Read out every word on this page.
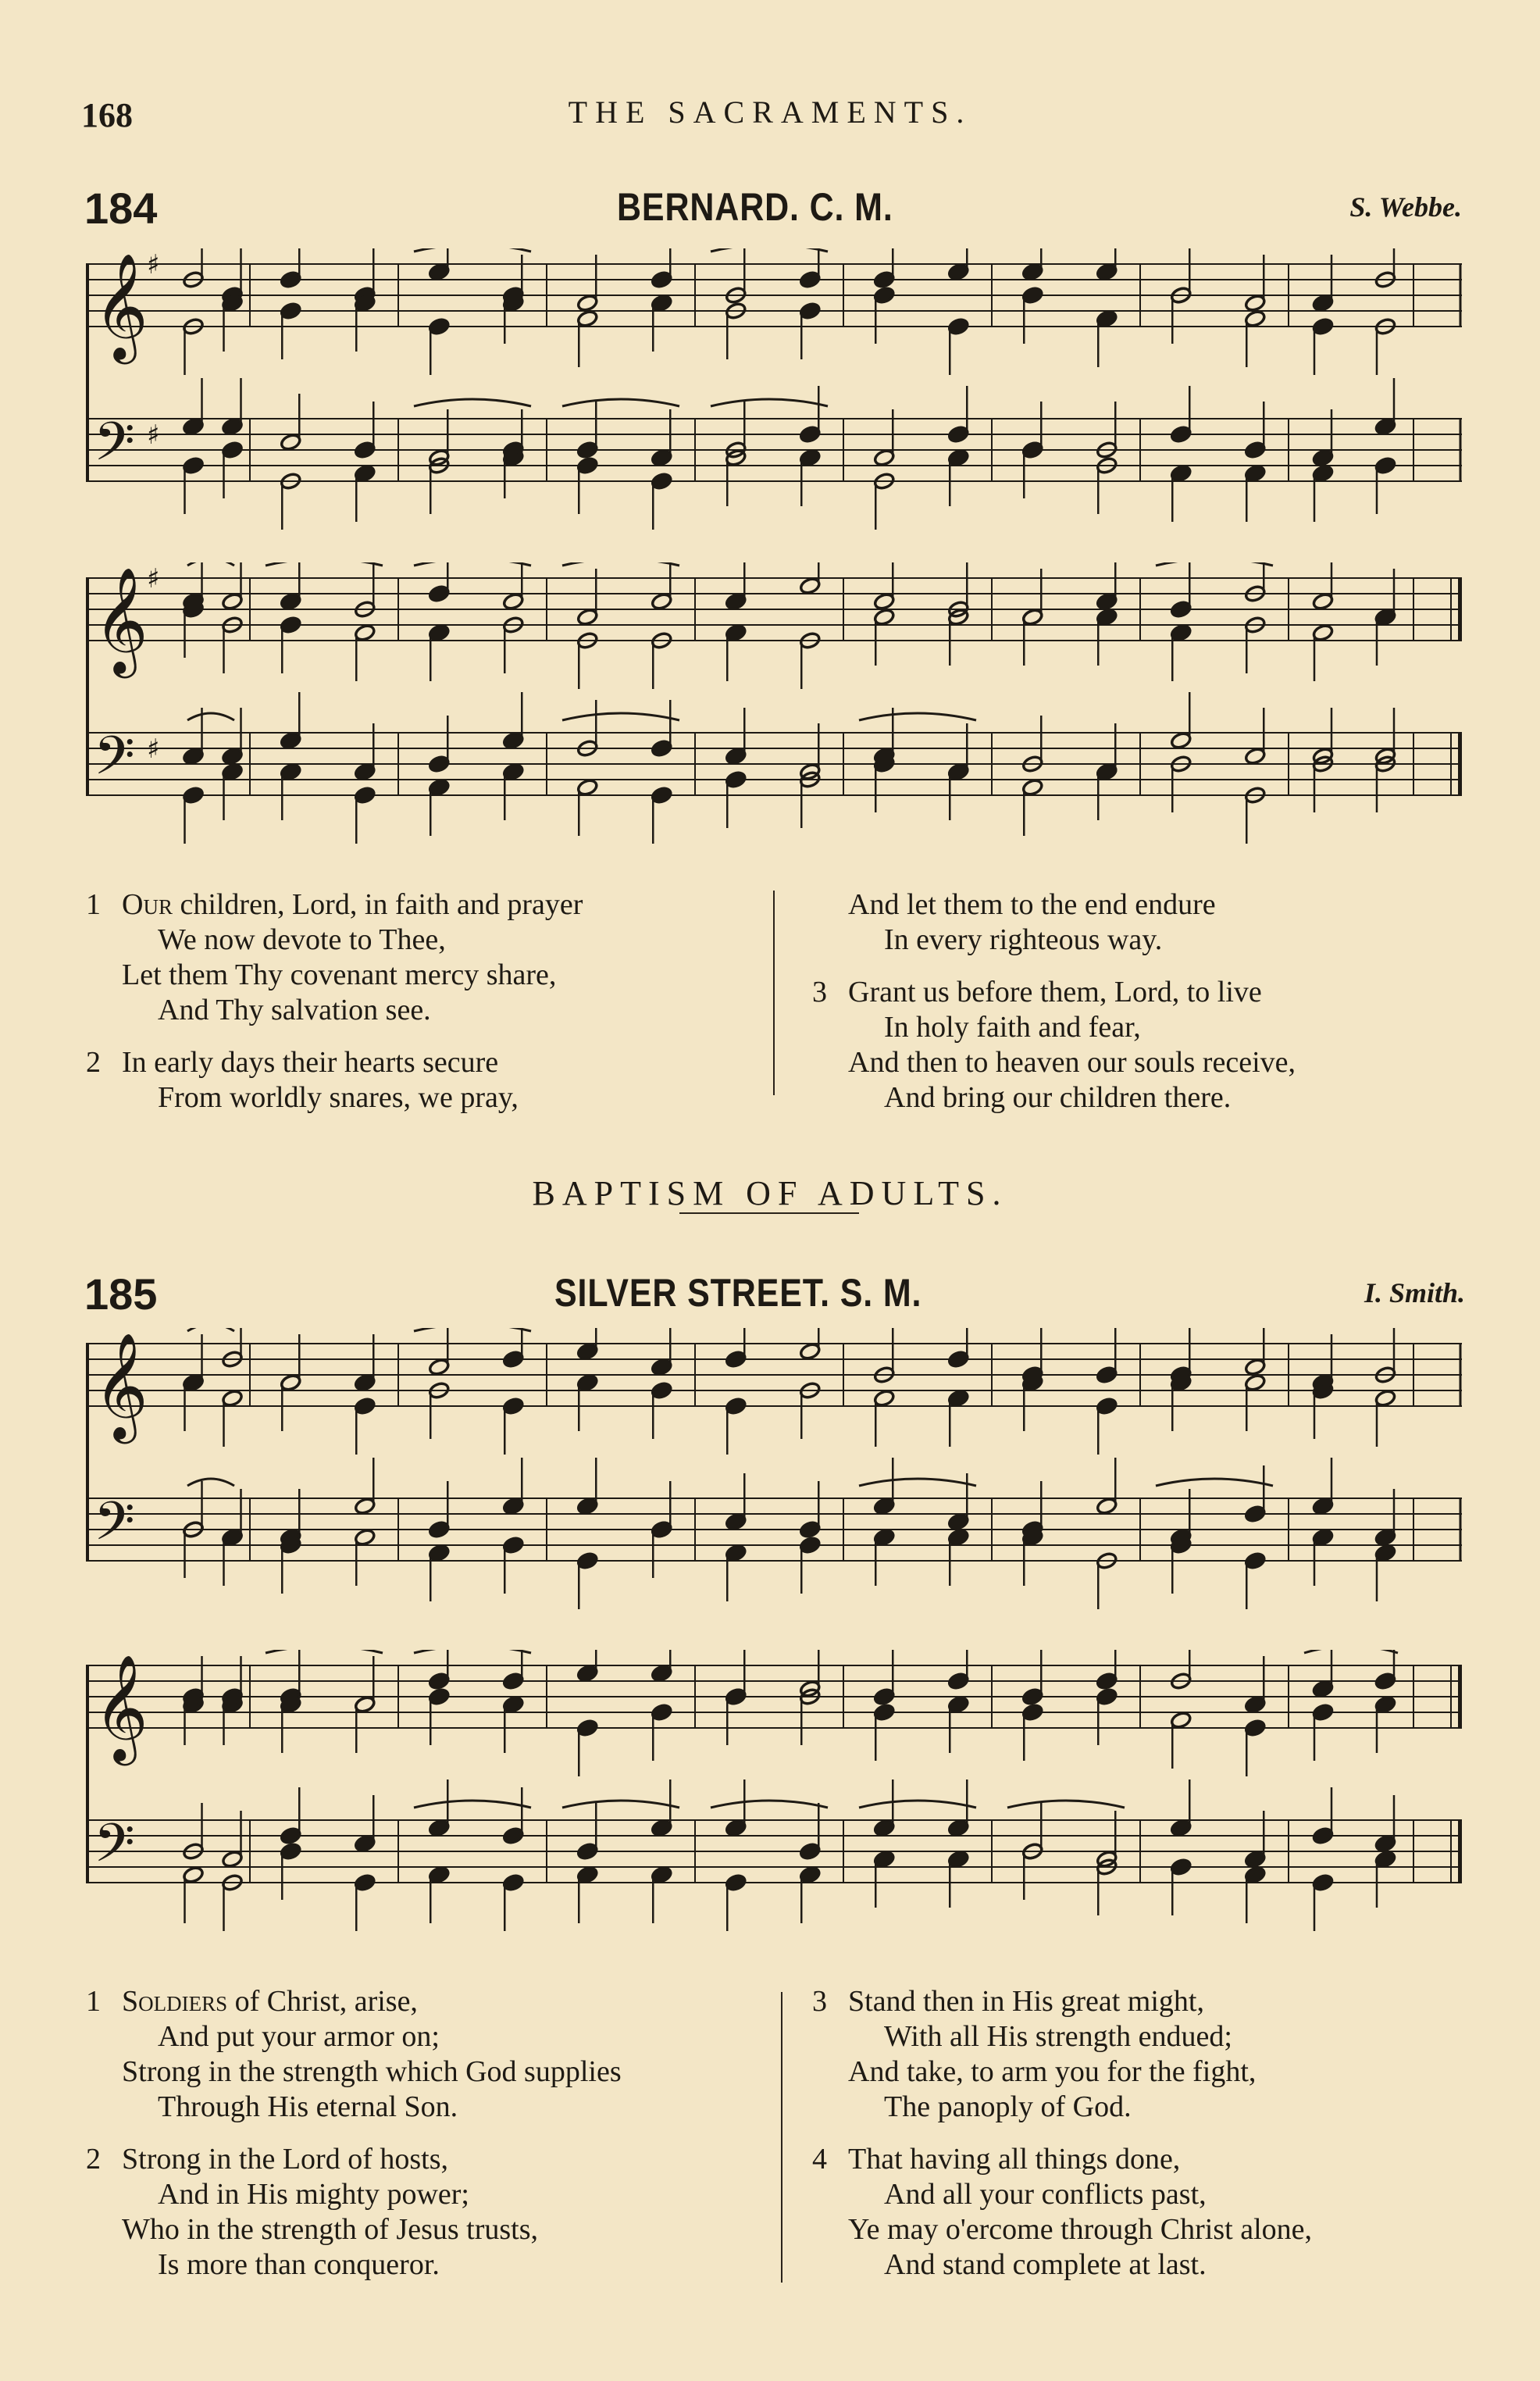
168	THE SACRAMENTS.
184	BERNARD. C. M.	S. Webbe.
𝄞
♯
𝄢 ♯
𝄞
♯
𝄢 ♯
1 Our children, Lord, in faith and prayer
We now devote to Thee,
Let them Thy covenant mercy share,
And Thy salvation see.
2 In early days their hearts secure
From worldly snares, we pray,
And let them to the end endure
In every righteous way.
3 Grant us before them, Lord, to live
In holy faith and fear,
And then to heaven our souls receive,
And bring our children there.
BAPTISM OF ADULTS.
185	SILVER STREET. S. M.	I. Smith.
𝄞
𝄢
𝄞
𝄢
1 Soldiers of Christ, arise,
And put your armor on;
Strong in the strength which God supplies
Through His eternal Son.
2 Strong in the Lord of hosts,
And in His mighty power;
Who in the strength of Jesus trusts,
Is more than conqueror.
3 Stand then in His great might,
With all His strength endued;
And take, to arm you for the fight,
The panoply of God.
4 That having all things done,
And all your conflicts past,
Ye may o'ercome through Christ alone,
And stand complete at last.
